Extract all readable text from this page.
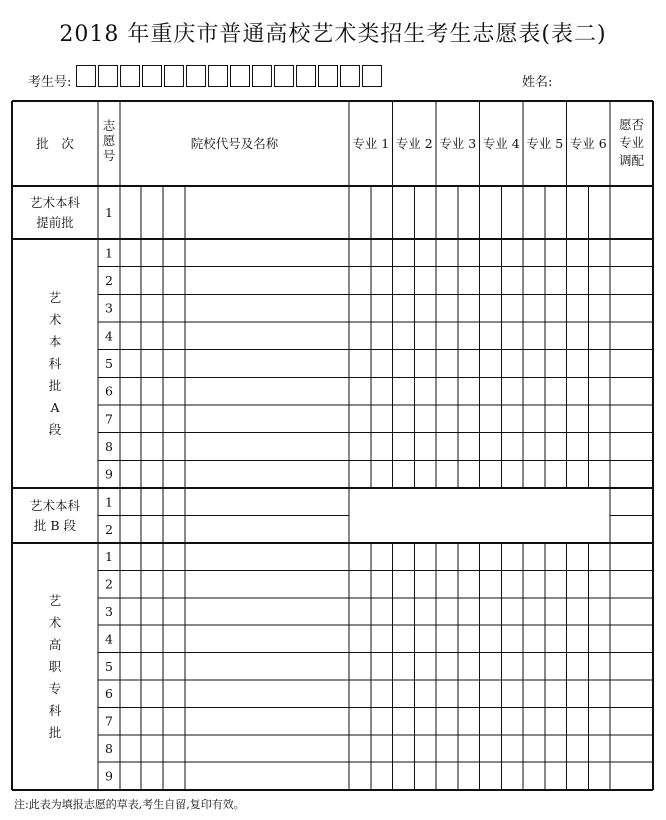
2018 年重庆市普通高校艺术类招生考生志愿表(表二)
考生号:	姓名:
批　次
志
愿
号
院校代号及名称	专业 1 专业 2 专业 3 专业 4 专业 5 专业 6
愿否
专业
调配
1
艺术本科
提前批
1
2
3
4
5
6
7
8
9
艺
术
本
科
批
A
段
1
2
艺术本科
批 B 段
1
2
3
4
5
6
7
8
9
艺
术
高
职
专
科
批
注:此表为填报志愿的草表,考生自留,复印有效。
